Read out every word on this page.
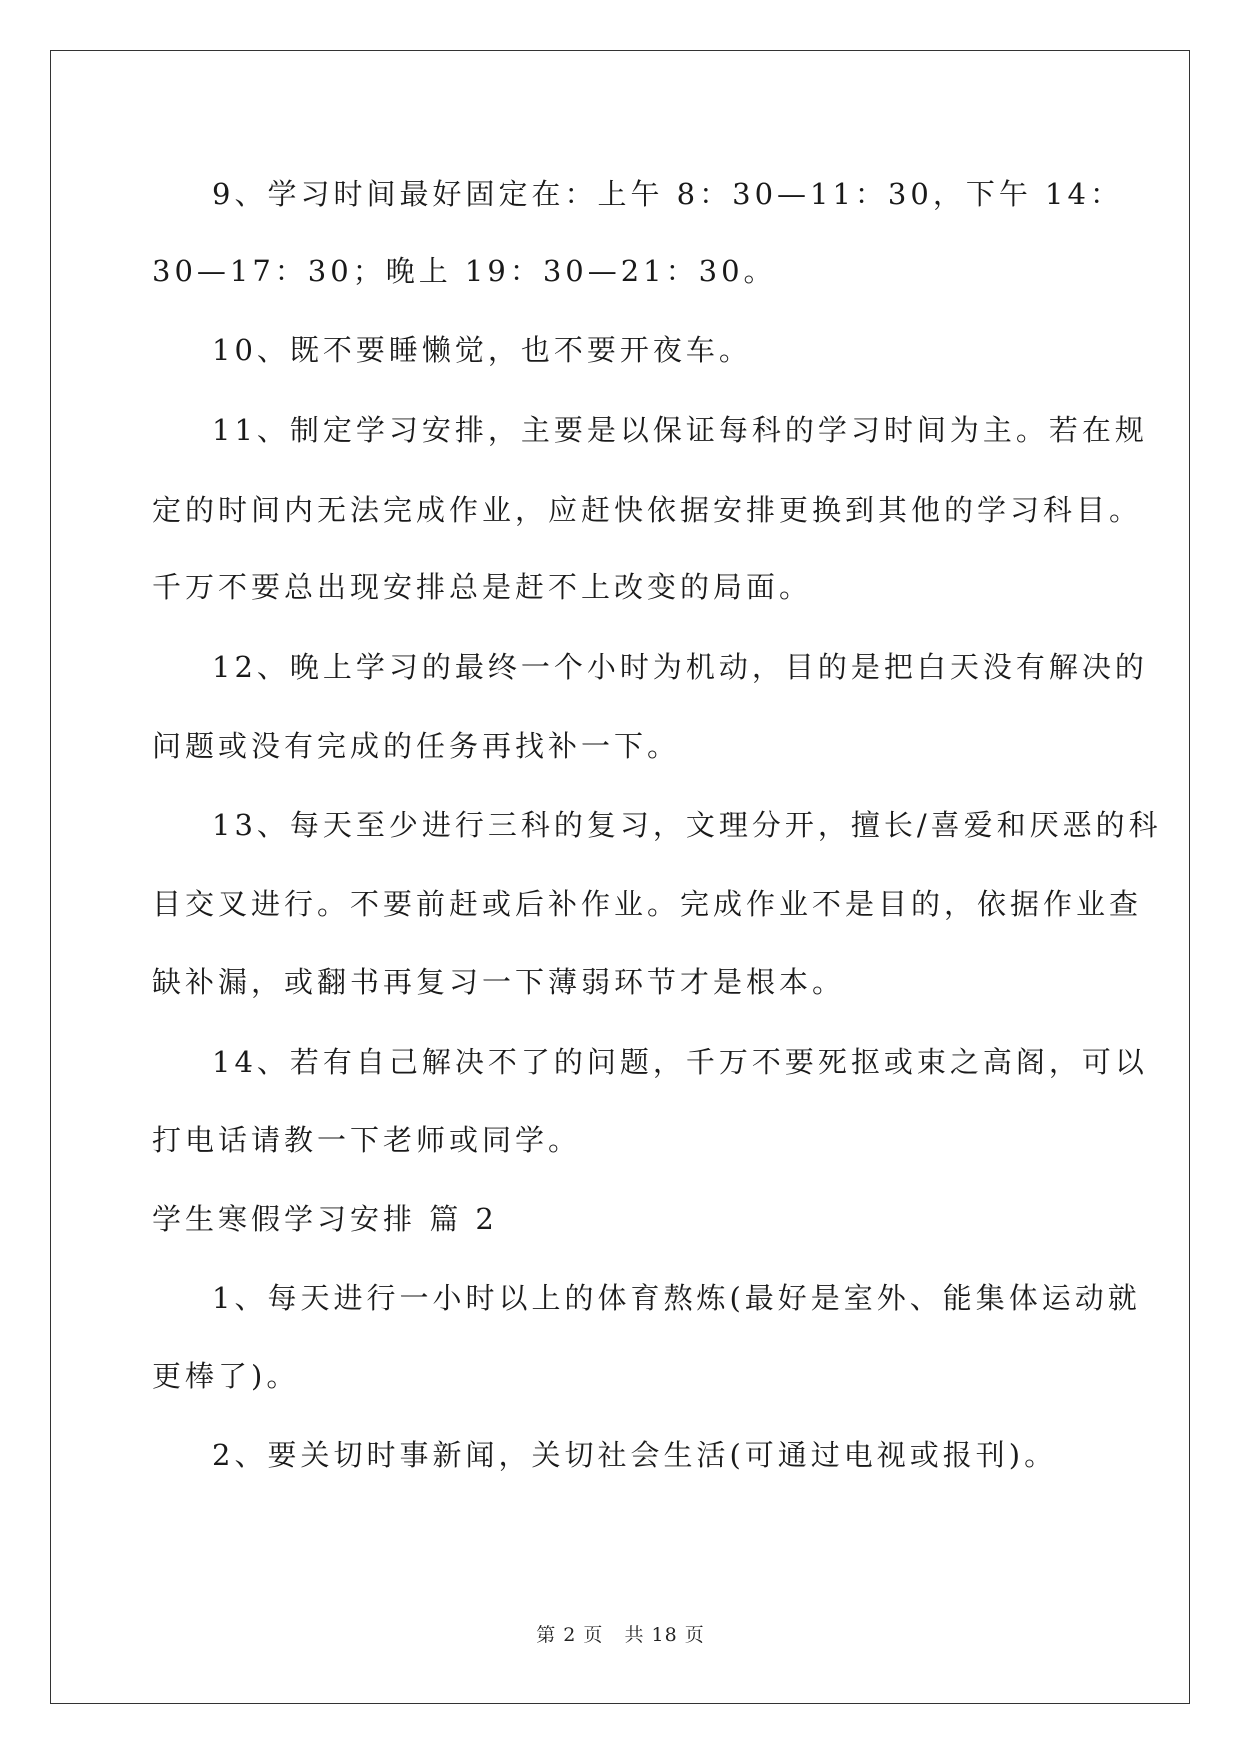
9、学习时间最好固定在：上午 8：30—11：30，下午 14：
30—17：30；晚上 19：30—21：30。
10、既不要睡懒觉，也不要开夜车。
11、制定学习安排，主要是以保证每科的学习时间为主。若在规
定的时间内无法完成作业，应赶快依据安排更换到其他的学习科目。
千万不要总出现安排总是赶不上改变的局面。
12、晚上学习的最终一个小时为机动，目的是把白天没有解决的
问题或没有完成的任务再找补一下。
13、每天至少进行三科的复习，文理分开，擅长/喜爱和厌恶的科
目交叉进行。不要前赶或后补作业。完成作业不是目的，依据作业查
缺补漏，或翻书再复习一下薄弱环节才是根本。
14、若有自己解决不了的问题，千万不要死抠或束之高阁，可以
打电话请教一下老师或同学。
学生寒假学习安排 篇 2
1、每天进行一小时以上的体育熬炼(最好是室外、能集体运动就
更棒了)。
2、要关切时事新闻，关切社会生活(可通过电视或报刊)。
第 2 页   共 18 页
